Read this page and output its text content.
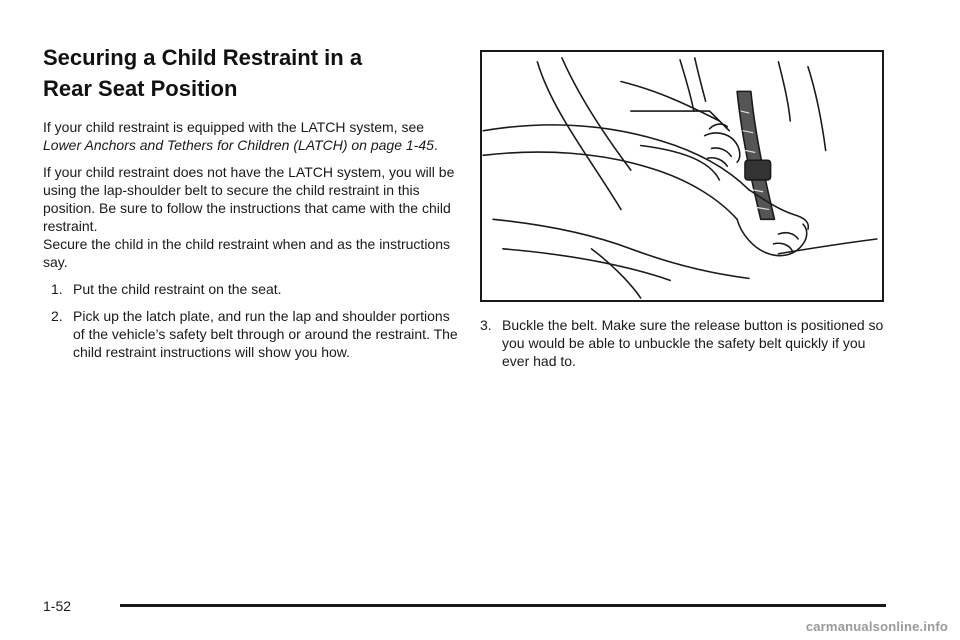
Securing a Child Restraint in a
Rear Seat Position

If your child restraint is equipped with the LATCH system, see Lower Anchors and Tethers for Children (LATCH) on page 1-45.

If your child restraint does not have the LATCH system, you will be using the lap-shoulder belt to secure the child restraint in this position. Be sure to follow the instructions that came with the child restraint.

Secure the child in the child restraint when and as the instructions say.

1. Put the child restraint on the seat.
2. Pick up the latch plate, and run the lap and shoulder portions of the vehicle’s safety belt through or around the restraint. The child restraint instructions will show you how.
3. Buckle the belt. Make sure the release button is positioned so you would be able to unbuckle the safety belt quickly if you ever had to.
1-52
carmanualsonline.info
